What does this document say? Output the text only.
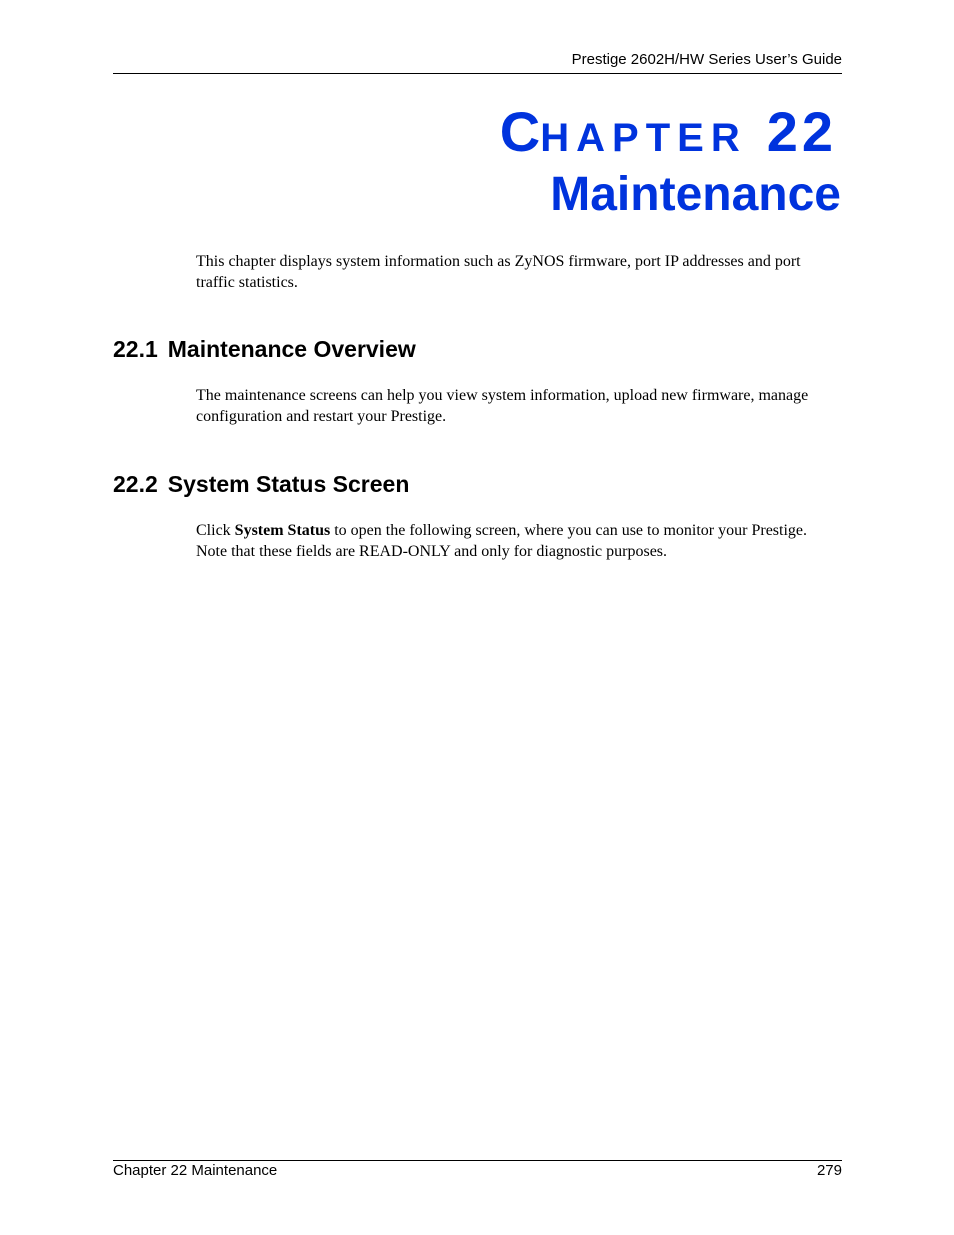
Prestige 2602H/HW Series User’s Guide
CHAPTER 22
Maintenance

This chapter displays system information such as ZyNOS firmware, port IP addresses and port traffic statistics.

22.1 Maintenance Overview

The maintenance screens can help you view system information, upload new firmware, manage configuration and restart your Prestige.

22.2 System Status Screen

Click System Status to open the following screen, where you can use to monitor your Prestige. Note that these fields are READ-ONLY and only for diagnostic purposes.

Chapter 22 Maintenance	279
